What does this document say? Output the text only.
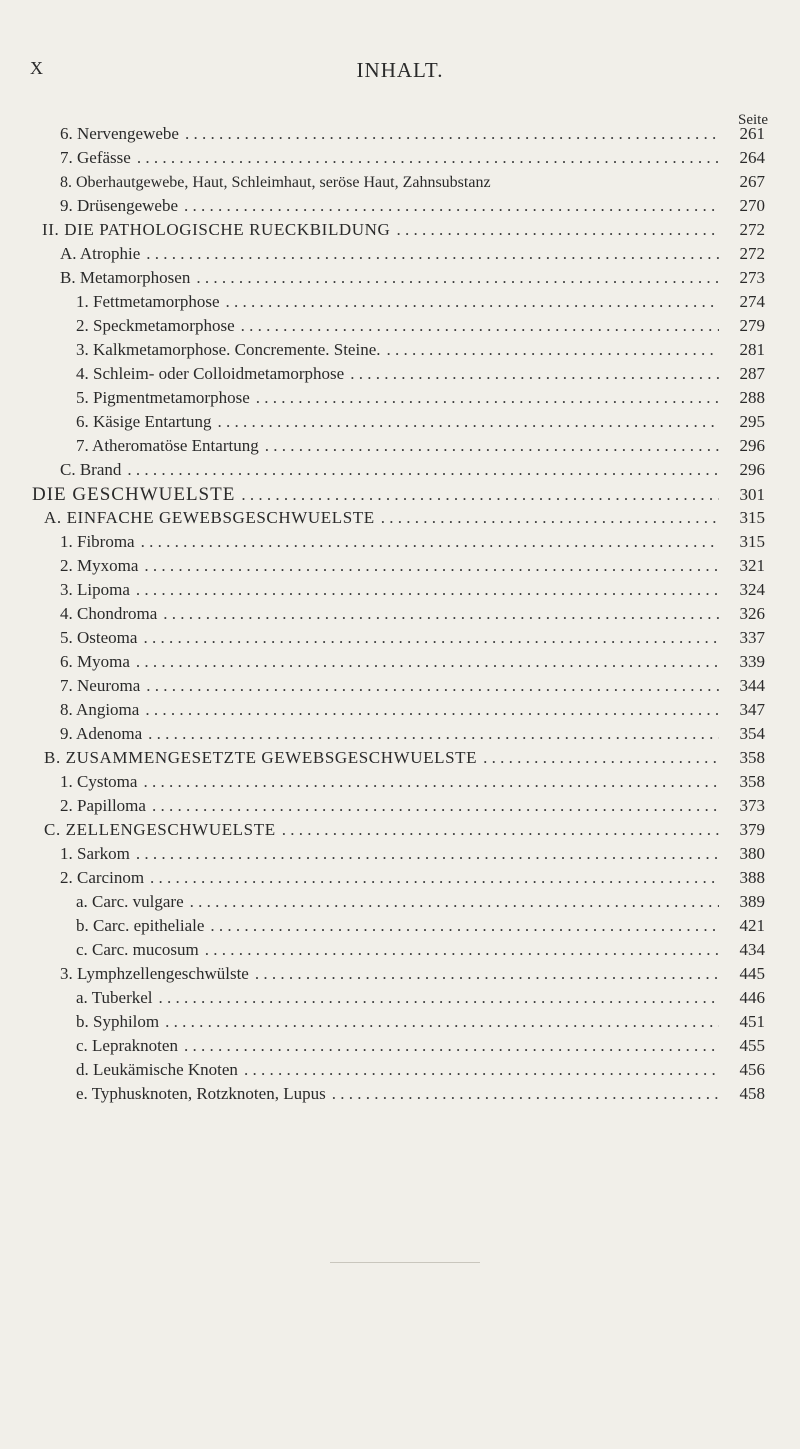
X	INHALT.
Seite
6. Nervengewebe . . .	261
7. Gefässe . . .	264
8. Oberhautgewebe, Haut, Schleimhaut, seröse Haut, Zahnsubstanz	267
9. Drüsengewebe . . .	270
II. DIE PATHOLOGISCHE RUECKBILDUNG . . .	272
A. Atrophie . . .	272
B. Metamorphosen . . .	273
1. Fettmetamorphose . . .	274
2. Speckmetamorphose . . .	279
3. Kalkmetamorphose. Concremente. Steine. . . .	281
4. Schleim- oder Colloidmetamorphose . . .	287
5. Pigmentmetamorphose . . .	288
6. Käsige Entartung . . .	295
7. Atheromatöse Entartung . . .	296
C. Brand . . .	296
DIE GESCHWUELSTE . . .	301
A. EINFACHE GEWEBSGESCHWUELSTE . . .	315
1. Fibroma . . .	315
2. Myxoma . . .	321
3. Lipoma . . .	324
4. Chondroma . . .	326
5. Osteoma . . .	337
6. Myoma . . .	339
7. Neuroma . . .	344
8. Angioma . . .	347
9. Adenoma . . .	354
B. ZUSAMMENGESETZTE GEWEBSGESCHWUELSTE . . .	358
1. Cystoma . . .	358
2. Papilloma . . .	373
C. ZELLENGESCHWUELSTE . . .	379
1. Sarkom . . .	380
2. Carcinom . . .	388
a. Carc. vulgare . . .	389
b. Carc. epitheliale . . .	421
c. Carc. mucosum . . .	434
3. Lymphzellengeschwülste . . .	445
a. Tuberkel . . .	446
b. Syphilom . . .	451
c. Lepraknoten . . .	455
d. Leukämische Knoten . . .	456
e. Typhusknoten, Rotzknoten, Lupus . . .	458
